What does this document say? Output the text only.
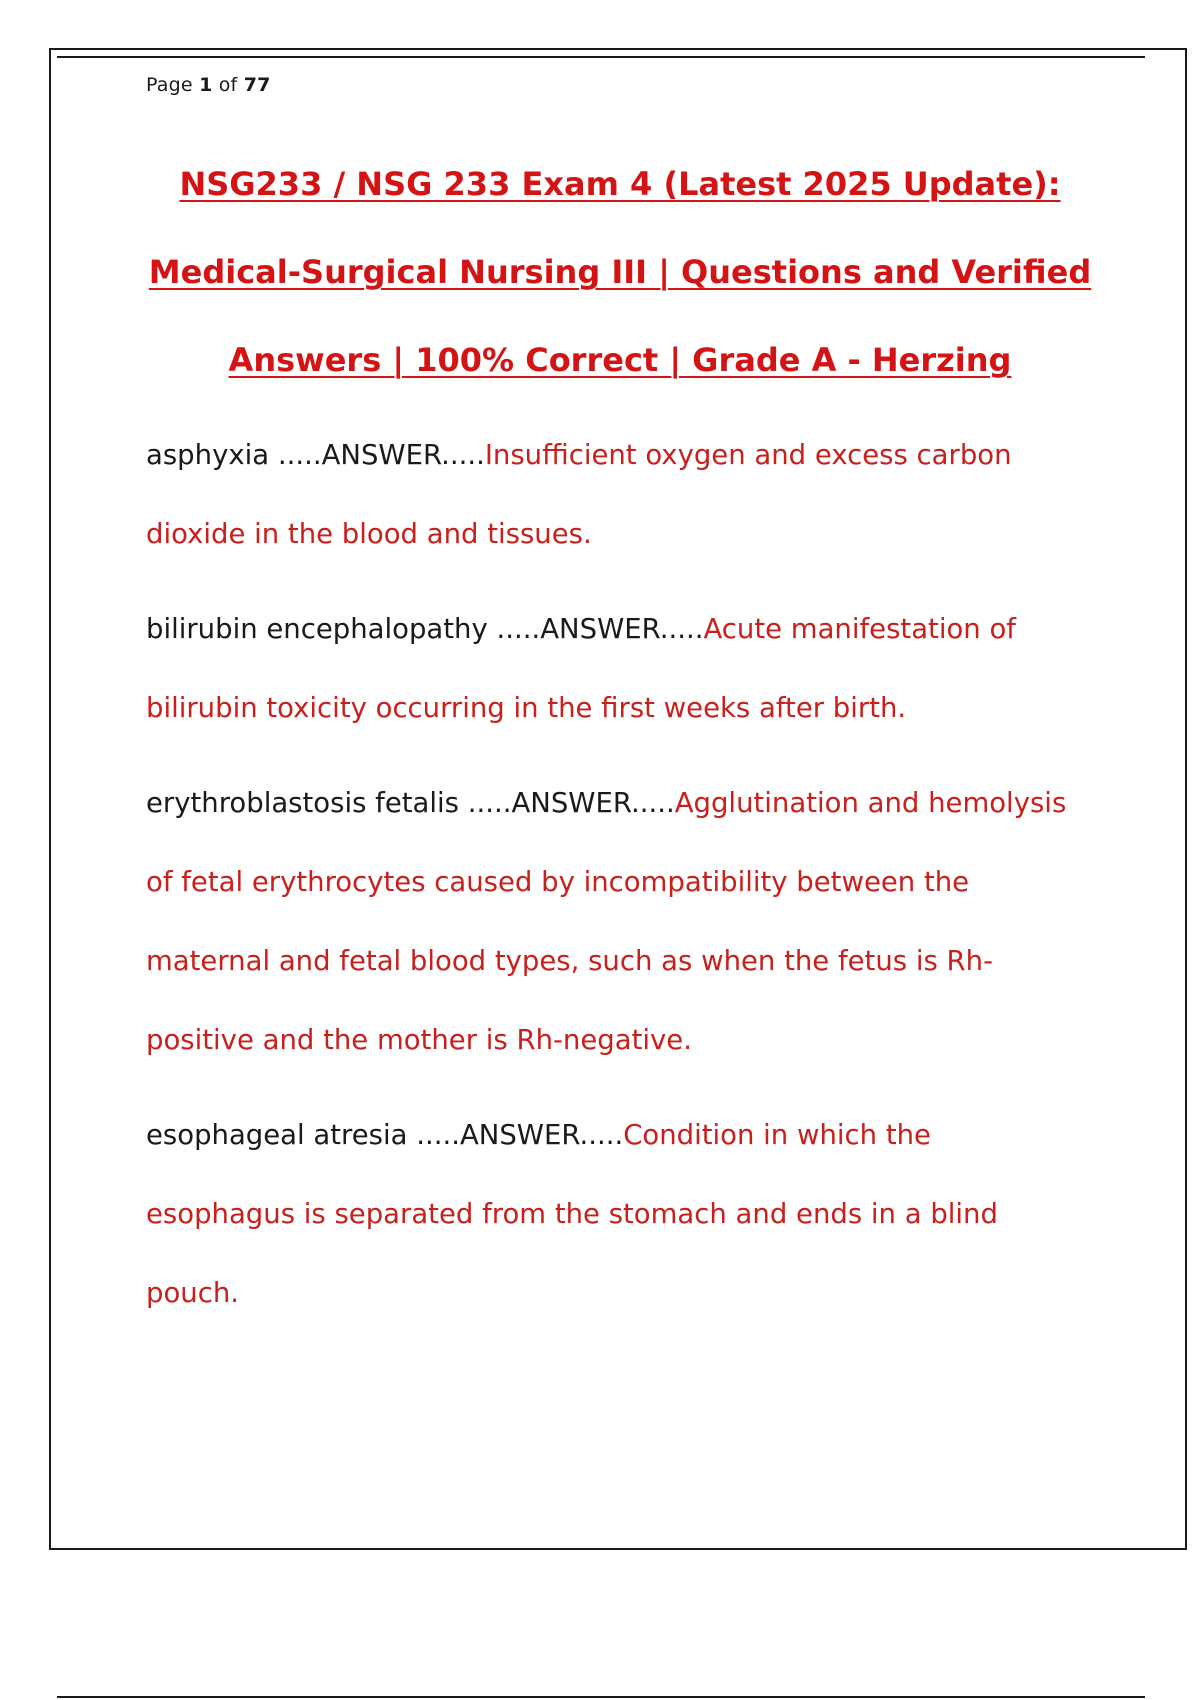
Page 1 of 77
NSG233 / NSG 233 Exam 4 (Latest 2025 Update):
Medical-Surgical Nursing III | Questions and Verified
Answers | 100% Correct | Grade A - Herzing

asphyxia .....ANSWER.....Insufficient oxygen and excess carbon dioxide in the blood and tissues.

bilirubin encephalopathy .....ANSWER.....Acute manifestation of bilirubin toxicity occurring in the first weeks after birth.

erythroblastosis fetalis .....ANSWER.....Agglutination and hemolysis of fetal erythrocytes caused by incompatibility between the maternal and fetal blood types, such as when the fetus is Rh-positive and the mother is Rh-negative.

esophageal atresia .....ANSWER.....Condition in which the esophagus is separated from the stomach and ends in a blind pouch.
